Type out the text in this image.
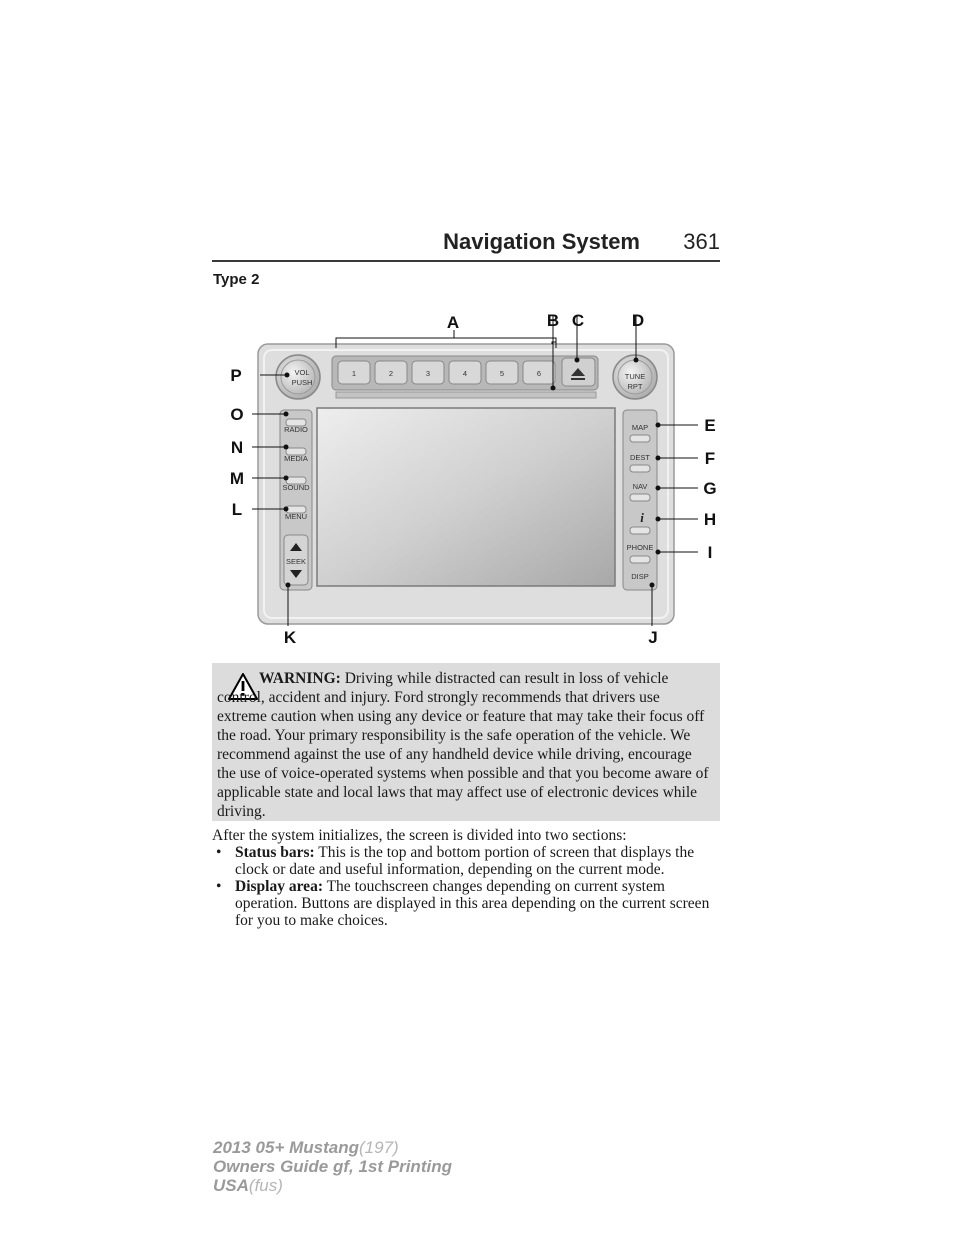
Navigation System 361
Type 2
1	2	3	4	5	6
VOL
PUSH
TUNE
RPT
RADIO
MEDIA
SOUND
MENU
SEEK
MAP
DEST
NAV
i
PHONE
DISP
A	B C	D
P
O
N
M
L
E
F
G
H
I
K	J
WARNING: Driving while distracted can result in loss of vehicle control, accident and injury. Ford strongly recommends that drivers use extreme caution when using any device or feature that may take their focus off the road. Your primary responsibility is the safe operation of the vehicle. We recommend against the use of any handheld device while driving, encourage the use of voice-operated systems when possible and that you become aware of applicable state and local laws that may affect use of electronic devices while driving.
After the system initializes, the screen is divided into two sections:
• Status bars: This is the top and bottom portion of screen that displays the clock or date and useful information, depending on the current mode.
• Display area: The touchscreen changes depending on current system operation. Buttons are displayed in this area depending on the current screen for you to make choices.
2013 05+ Mustang(197)
Owners Guide gf, 1st Printing
USA(fus)
